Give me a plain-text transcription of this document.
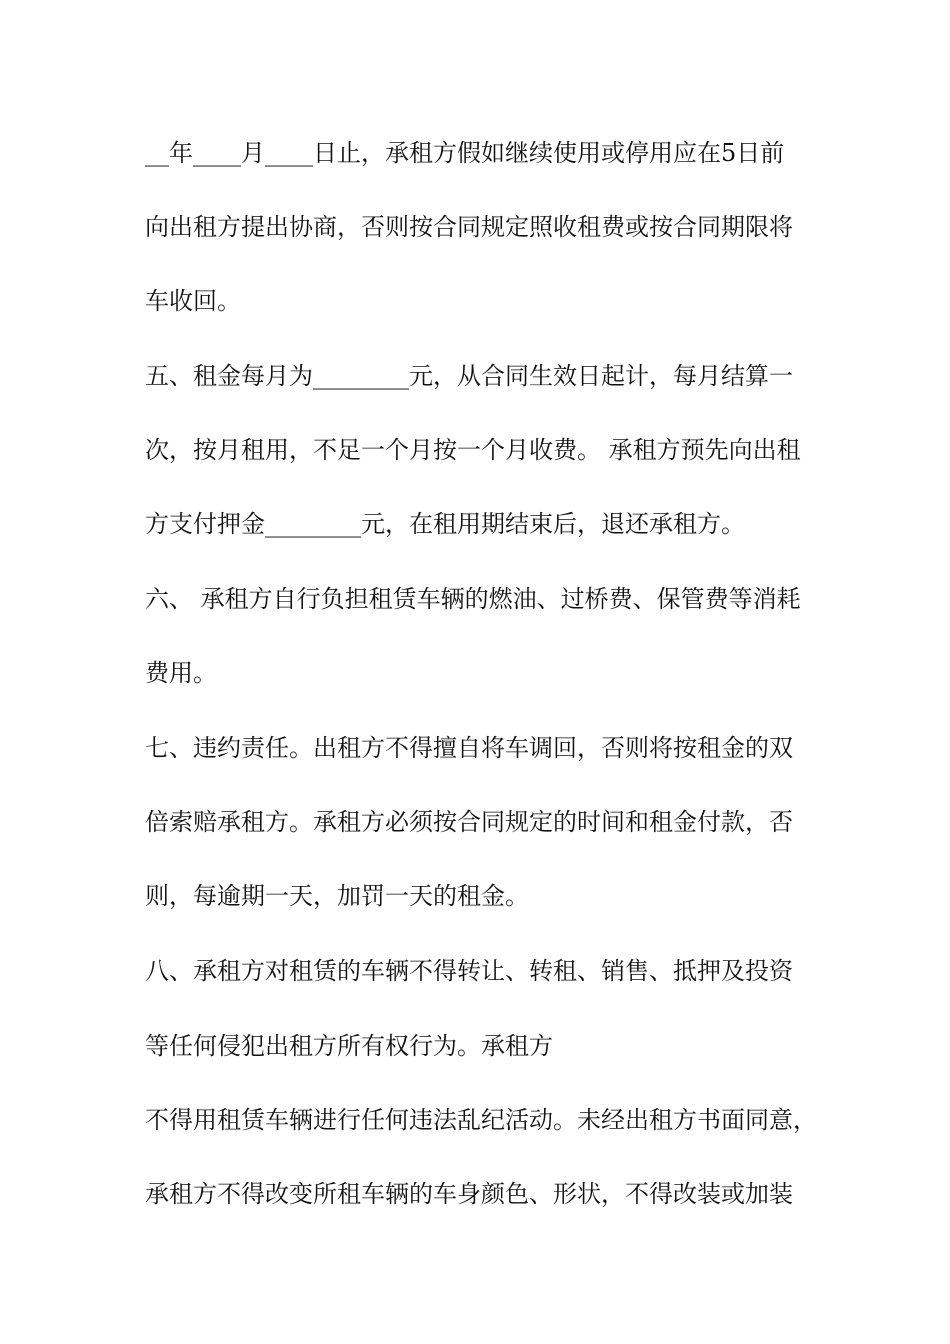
__年____月____日止，承租方假如继续使用或停用应在5日前
向出租方提出协商，否则按合同规定照收租费或按合同期限将
车收回。
五、租金每月为________元，从合同生效日起计，每月结算一
次，按月租用，不足一个月按一个月收费。 承租方预先向出租
方支付押金________元，在租用期结束后，退还承租方。
六、 承租方自行负担租赁车辆的燃油、过桥费、保管费等消耗
费用。
七、违约责任。出租方不得擅自将车调回，否则将按租金的双
倍索赔承租方。承租方必须按合同规定的时间和租金付款，否
则，每逾期一天，加罚一天的租金。
八、承租方对租赁的车辆不得转让、转租、销售、抵押及投资
等任何侵犯出租方所有权行为。承租方
不得用租赁车辆进行任何违法乱纪活动。未经出租方书面同意，
承租方不得改变所租车辆的车身颜色、形状，不得改装或加装
